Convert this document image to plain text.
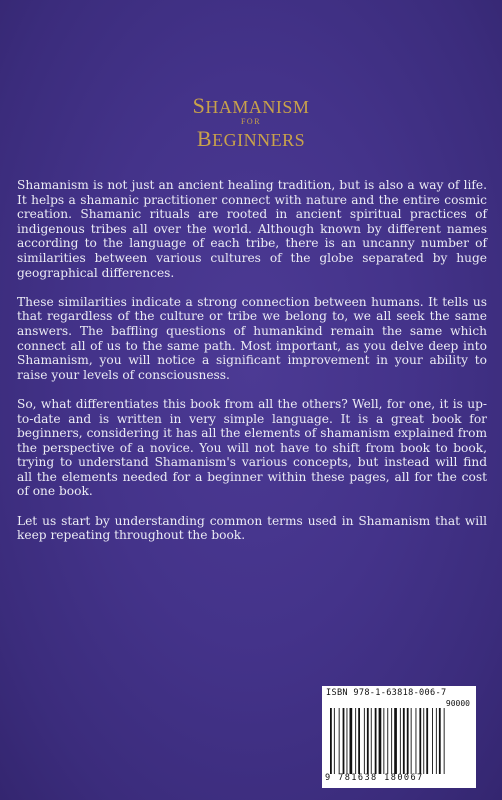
SHAMANISM
FOR
BEGINNERS

Shamanism is not just an ancient healing tradition, but is also a way of life. It helps a shamanic practitioner connect with nature and the entire cosmic creation. Shamanic rituals are rooted in ancient spiritual practices of indigenous tribes all over the world. Although known by different names according to the language of each tribe, there is an uncanny number of similarities between various cultures of the globe separated by huge geographical differences.

These similarities indicate a strong connection between humans. It tells us that regardless of the culture or tribe we belong to, we all seek the same answers. The baffling questions of humankind remain the same which connect all of us to the same path. Most important, as you delve deep into Shamanism, you will notice a significant improvement in your ability to raise your levels of consciousness.

So, what differentiates this book from all the others? Well, for one, it is up-to-date and is written in very simple language. It is a great book for beginners, considering it has all the elements of shamanism explained from the perspective of a novice. You will not have to shift from book to book, trying to understand Shamanism's various concepts, but instead will find all the elements needed for a beginner within these pages, all for the cost of one book.

Let us start by understanding common terms used in Shamanism that will keep repeating throughout the book.

ISBN 978-1-63818-006-7
90000
9 781638 180067
